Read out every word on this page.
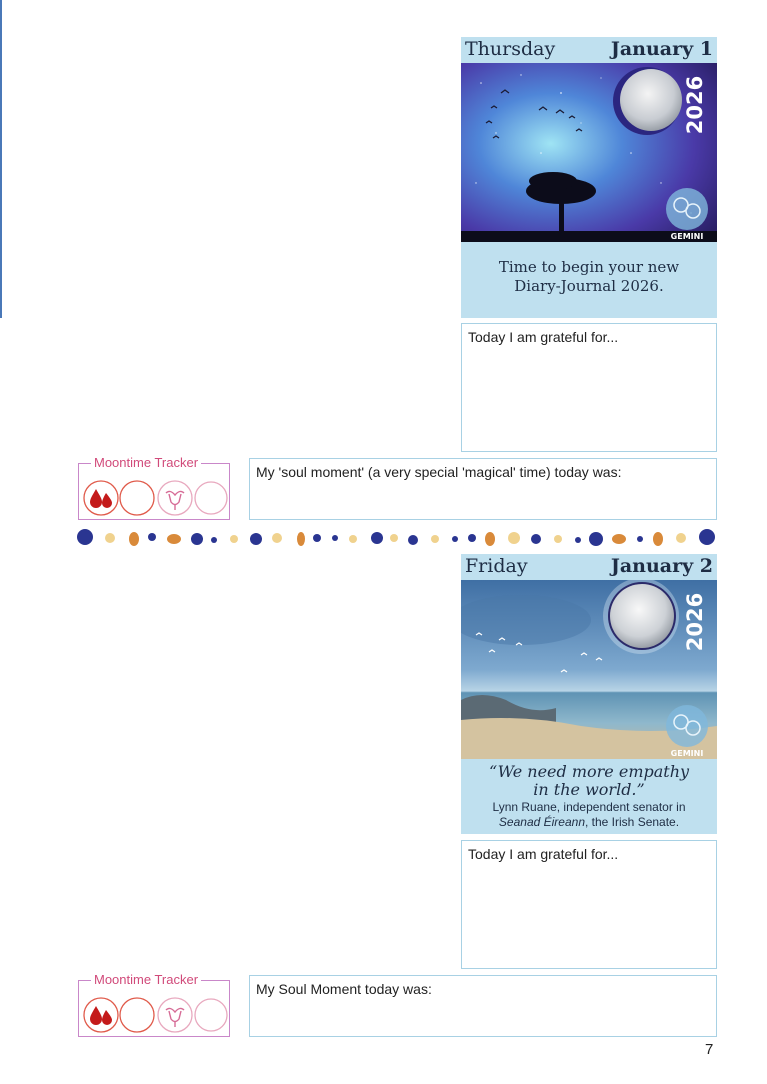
Thursday	January 1
2026
GEMINI
Time to begin your new
Diary-Journal 2026.
Today I am grateful for...
Moontime Tracker
My 'soul moment' (a very special 'magical' time) today was:
Friday	January 2
2026
GEMINI
“We need more empathy
in the world.”
Lynn Ruane, independent senator in
Seanad Éireann, the Irish Senate.
Today I am grateful for...
Moontime Tracker
My Soul Moment today was:
7
